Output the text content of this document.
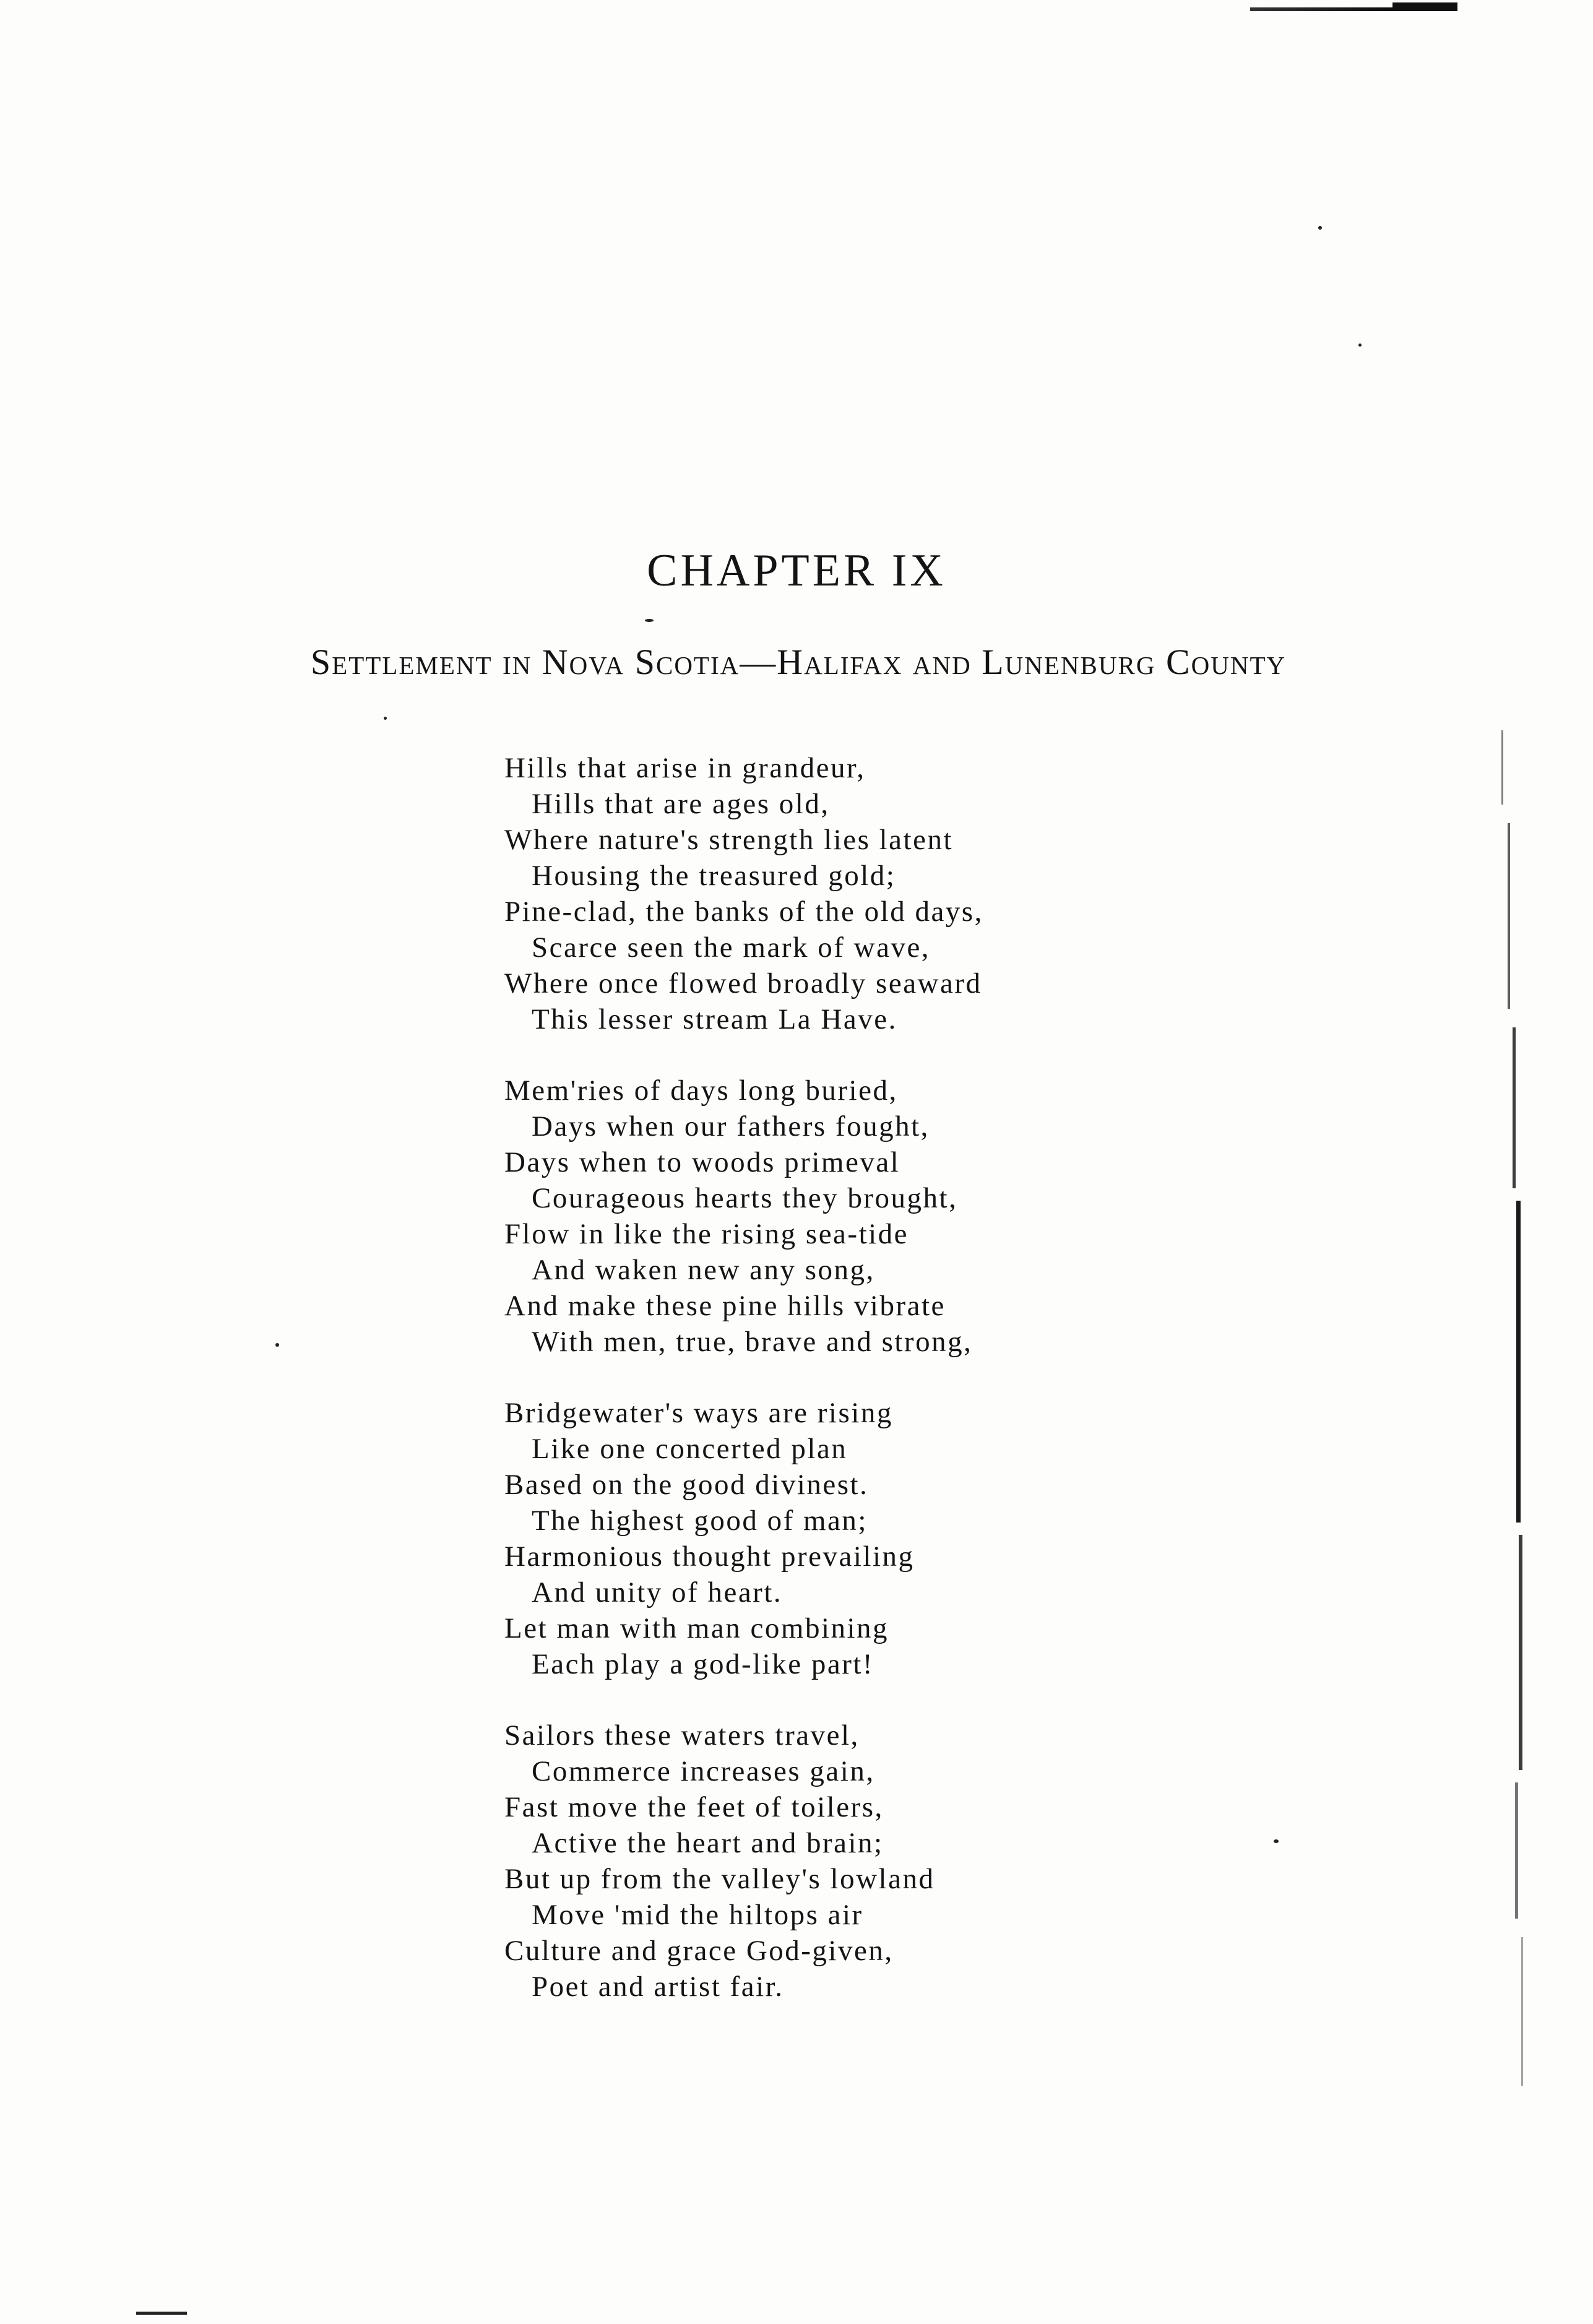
CHAPTER IX
Settlement in Nova Scotia—Halifax and Lunenburg County
Hills that arise in grandeur,
Hills that are ages old,
Where nature's strength lies latent
Housing the treasured gold;
Pine-clad, the banks of the old days,
Scarce seen the mark of wave,
Where once flowed broadly seaward
This lesser stream La Have.
Mem'ries of days long buried,
Days when our fathers fought,
Days when to woods primeval
Courageous hearts they brought,
Flow in like the rising sea-tide
And waken new any song,
And make these pine hills vibrate
With men, true, brave and strong,
Bridgewater's ways are rising
Like one concerted plan
Based on the good divinest.
The highest good of man;
Harmonious thought prevailing
And unity of heart.
Let man with man combining
Each play a god-like part!
Sailors these waters travel,
Commerce increases gain,
Fast move the feet of toilers,
Active the heart and brain;
But up from the valley's lowland
Move 'mid the hiltops air
Culture and grace God-given,
Poet and artist fair.
